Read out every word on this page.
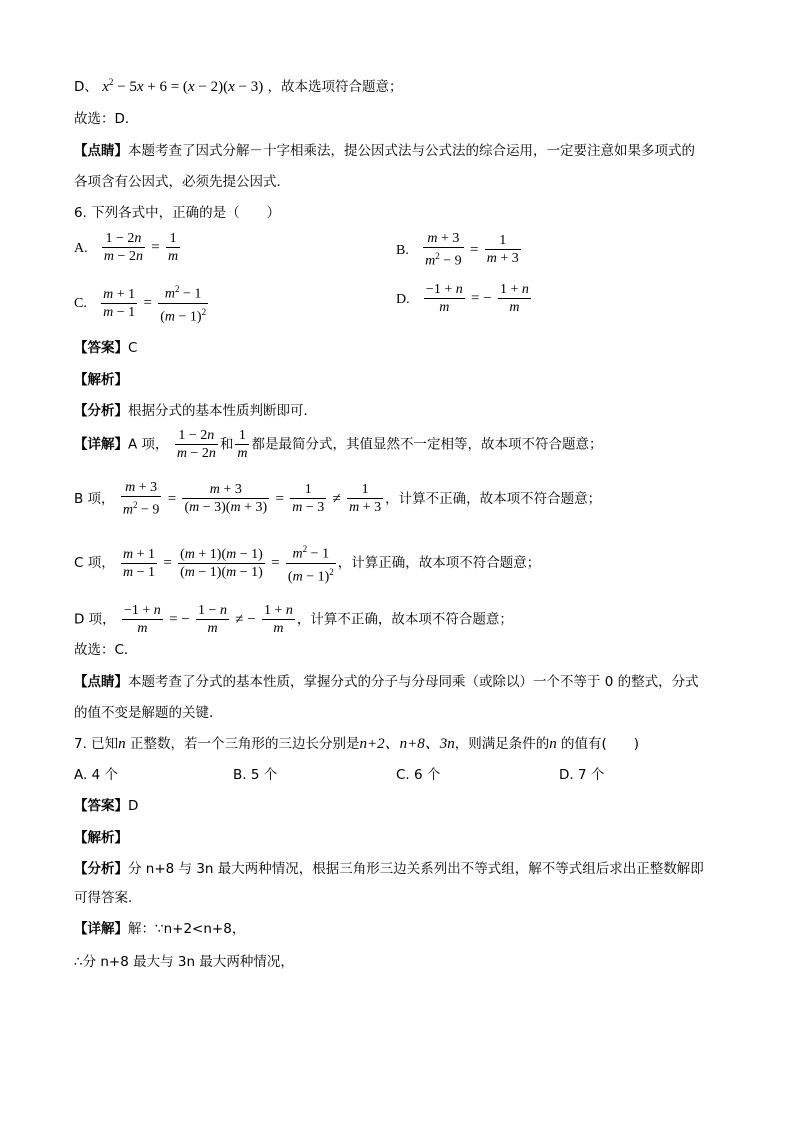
D、 $x^2 - 5x + 6 = (x - 2)(x - 3)$ ，故本选项符合题意；
故选：D．
【点睛】本题考查了因式分解－十字相乘法，提公因式法与公式法的综合运用，一定要注意如果多项式的
各项含有公因式，必须先提公因式．
6. 下列各式中，正确的是（　　）
A. $\frac{1 - 2n}{m - 2n} = \frac{1}{m}$	B. $\frac{m + 3}{m^2 - 9} = \frac{1}{m + 3}$
C. $\frac{m + 1}{m - 1} = \frac{m^2 - 1}{(m - 1)^2}$	D. $\frac{-1 + n}{m}$ = − $\frac{1 + n}{m}$
【答案】C
【解析】
【分析】根据分式的基本性质判断即可．
【详解】A 项， $\frac{1 - 2n}{m - 2n}$ 和 $\frac{1}{m}$ 都是最简分式，其值显然不一定相等，故本项不符合题意；
B 项， $\frac{m + 3}{m^2 - 9} = \frac{m + 3}{(m - 3)(m + 3)} = \frac{1}{m - 3} \ne \frac{1}{m + 3}$ ，计算不正确，故本项不符合题意；
C 项， $\frac{m + 1}{m - 1} = \frac{(m + 1)(m - 1)}{(m - 1)(m - 1)} = \frac{m^2 - 1}{(m - 1)^2}$ ，计算正确，故本项不符合题意；
D 项， $\frac{-1 + n}{m}$ = − $\frac{1 - n}{m}$ ≠ − $\frac{1 + n}{m}$ ，计算不正确，故本项不符合题意；
故选：C．
【点睛】本题考查了分式的基本性质，掌握分式的分子与分母同乘（或除以）一个不等于 0 的整式，分式
的值不变是解题的关键．
7. 已知n 正整数，若一个三角形的三边长分别是n+2、n+8、3n，则满足条件的n 的值有(　　)
A. 4 个	B. 5 个	C. 6 个	D. 7 个
【答案】D
【解析】
【分析】分 n+8 与 3n 最大两种情况，根据三角形三边关系列出不等式组，解不等式组后求出正整数解即
可得答案.
【详解】解：∵n+2<n+8，
∴分 n+8 最大与 3n 最大两种情况，
